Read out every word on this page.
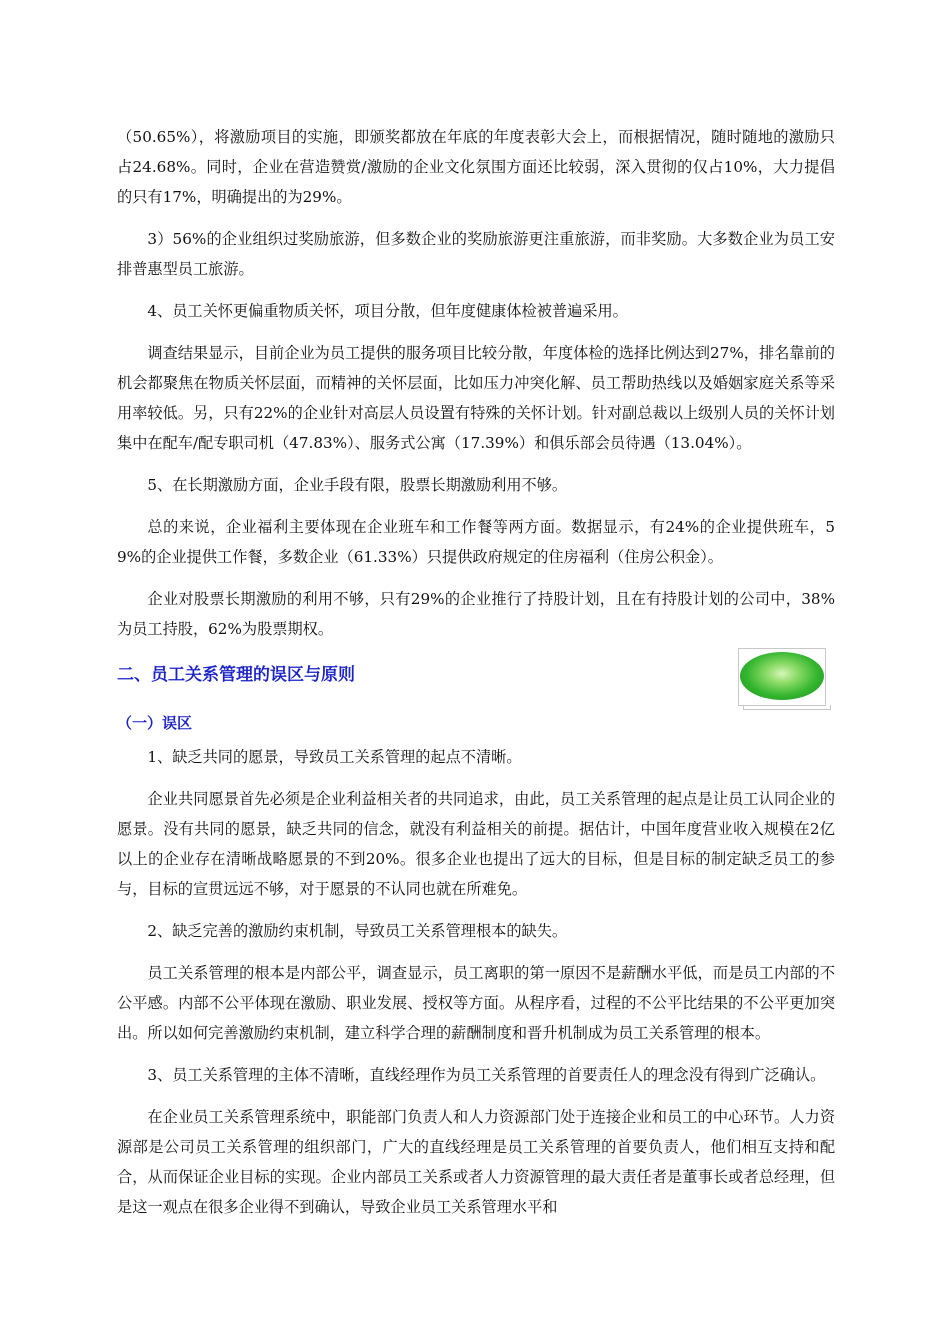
（50.65%），将激励项目的实施，即颁奖都放在年底的年度表彰大会上，而根据情况，随时随地的激励只占24.68%。同时，企业在营造赞赏/激励的企业文化氛围方面还比较弱，深入贯彻的仅占10%，大力提倡的只有17%，明确提出的为29%。

3）56%的企业组织过奖励旅游，但多数企业的奖励旅游更注重旅游，而非奖励。大多数企业为员工安排普惠型员工旅游。

4、员工关怀更偏重物质关怀，项目分散，但年度健康体检被普遍采用。

调查结果显示，目前企业为员工提供的服务项目比较分散，年度体检的选择比例达到27%，排名靠前的机会都聚焦在物质关怀层面，而精神的关怀层面，比如压力冲突化解、员工帮助热线以及婚姻家庭关系等采用率较低。另，只有22%的企业针对高层人员设置有特殊的关怀计划。针对副总裁以上级别人员的关怀计划集中在配车/配专职司机（47.83%）、服务式公寓（17.39%）和俱乐部会员待遇（13.04%）。

5、在长期激励方面，企业手段有限，股票长期激励利用不够。

总的来说，企业福利主要体现在企业班车和工作餐等两方面。数据显示，有24%的企业提供班车，59%的企业提供工作餐，多数企业（61.33%）只提供政府规定的住房福利（住房公积金）。

企业对股票长期激励的利用不够，只有29%的企业推行了持股计划，且在有持股计划的公司中，38%为员工持股，62%为股票期权。

二、员工关系管理的误区与原则
（一）误区

1、缺乏共同的愿景，导致员工关系管理的起点不清晰。

企业共同愿景首先必须是企业利益相关者的共同追求，由此，员工关系管理的起点是让员工认同企业的愿景。没有共同的愿景，缺乏共同的信念，就没有利益相关的前提。据估计，中国年度营业收入规模在2亿以上的企业存在清晰战略愿景的不到20%。很多企业也提出了远大的目标，但是目标的制定缺乏员工的参与，目标的宣贯远远不够，对于愿景的不认同也就在所难免。

2、缺乏完善的激励约束机制，导致员工关系管理根本的缺失。

员工关系管理的根本是内部公平，调查显示，员工离职的第一原因不是薪酬水平低，而是员工内部的不公平感。内部不公平体现在激励、职业发展、授权等方面。从程序看，过程的不公平比结果的不公平更加突出。所以如何完善激励约束机制，建立科学合理的薪酬制度和晋升机制成为员工关系管理的根本。

3、员工关系管理的主体不清晰，直线经理作为员工关系管理的首要责任人的理念没有得到广泛确认。

在企业员工关系管理系统中，职能部门负责人和人力资源部门处于连接企业和员工的中心环节。人力资源部是公司员工关系管理的组织部门，广大的直线经理是员工关系管理的首要负责人，他们相互支持和配合，从而保证企业目标的实现。企业内部员工关系或者人力资源管理的最大责任者是董事长或者总经理，但是这一观点在很多企业得不到确认，导致企业员工关系管理水平和
